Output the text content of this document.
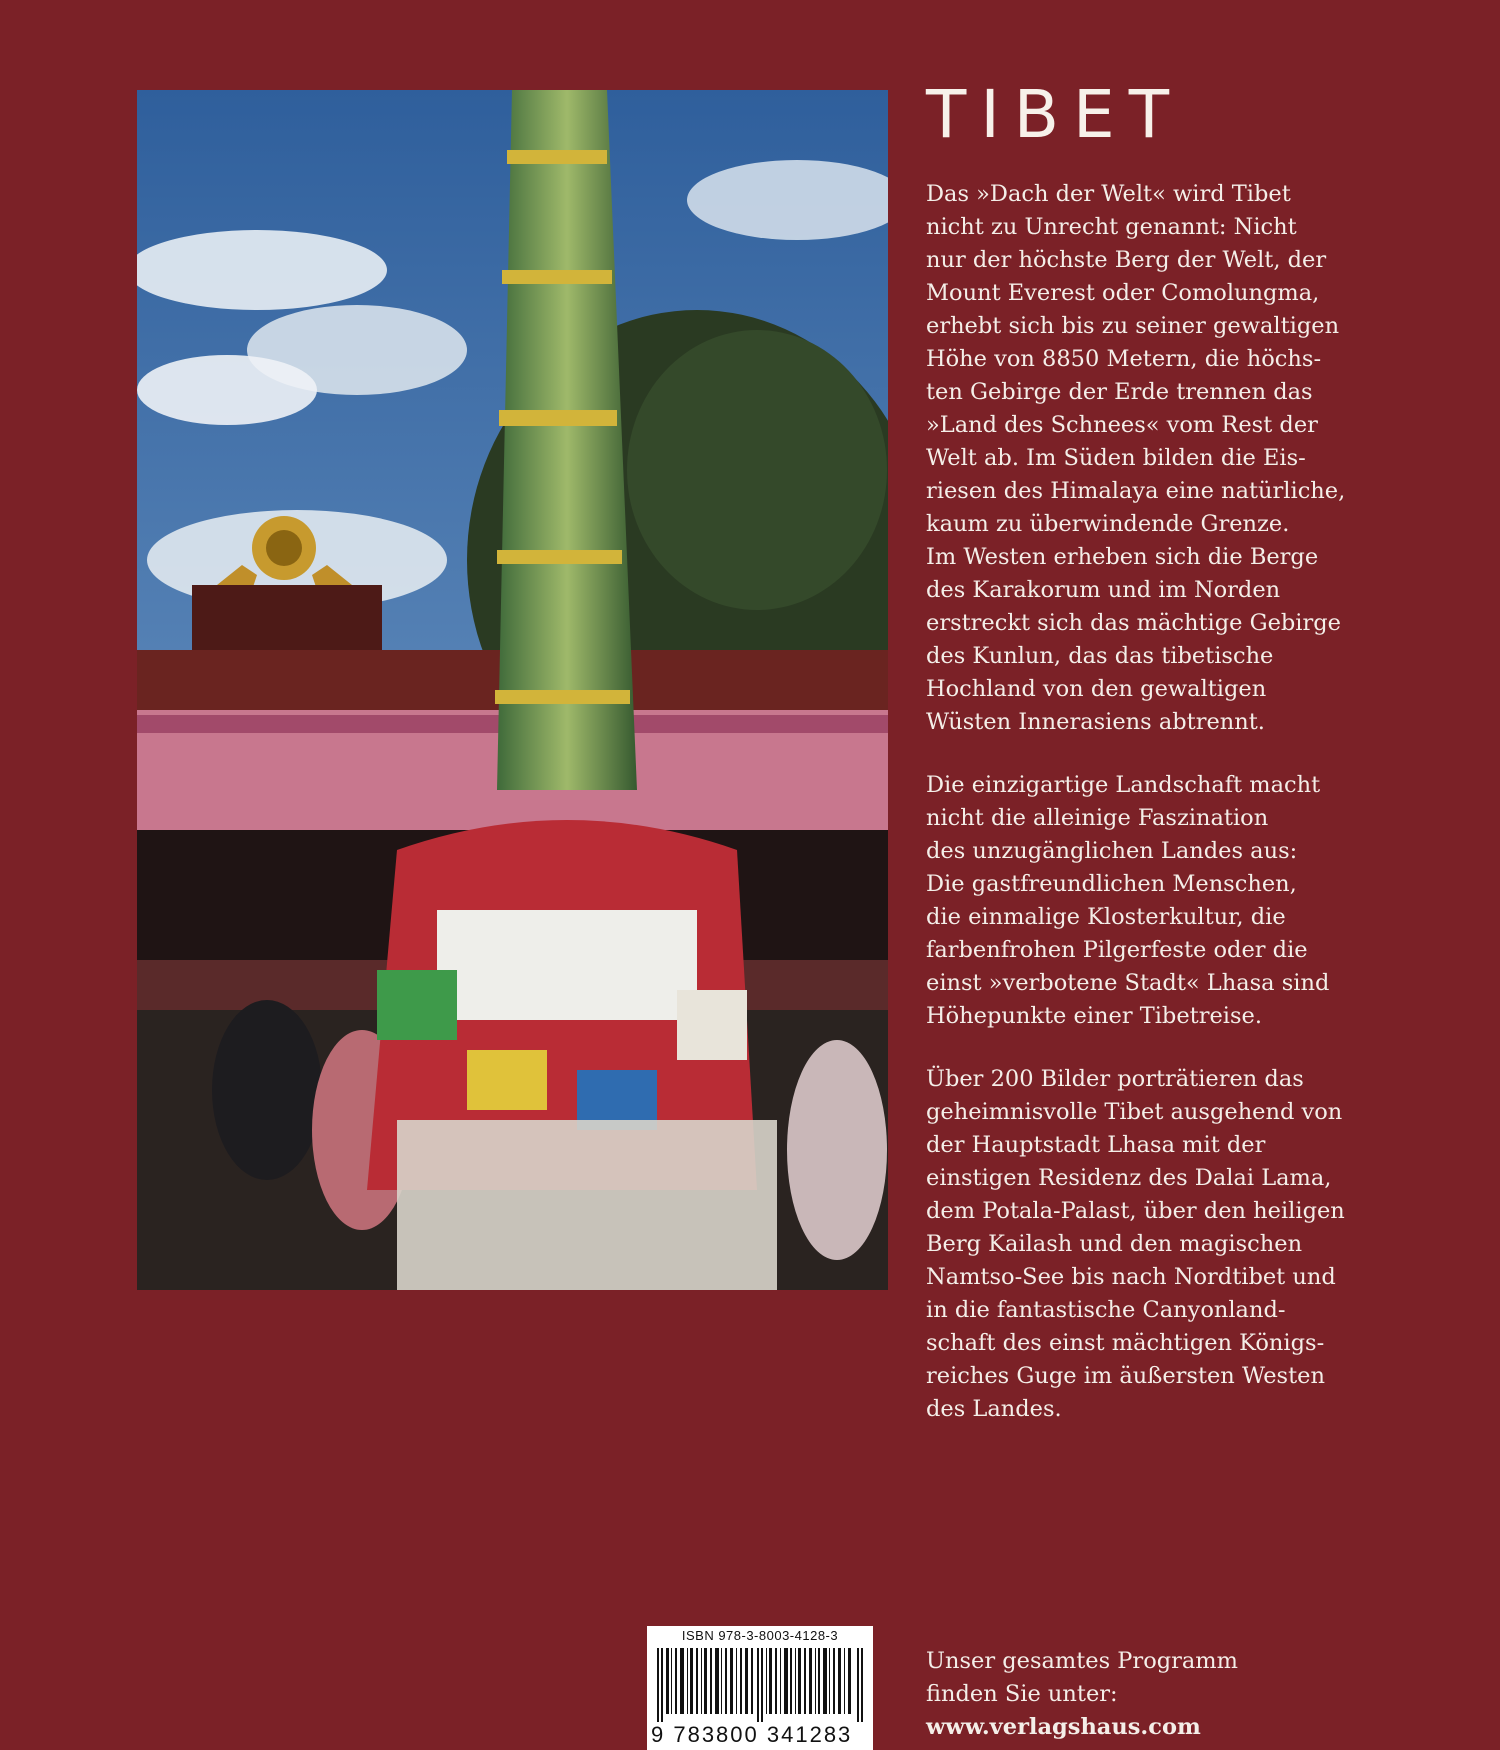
TIBET

Das »Dach der Welt« wird Tibet
nicht zu Unrecht genannt: Nicht
nur der höchste Berg der Welt, der
Mount Everest oder Comolungma,
erhebt sich bis zu seiner gewaltigen
Höhe von 8850 Metern, die höchs-
ten Gebirge der Erde trennen das
»Land des Schnees« vom Rest der
Welt ab. Im Süden bilden die Eis-
riesen des Himalaya eine natürliche,
kaum zu überwindende Grenze.
Im Westen erheben sich die Berge
des Karakorum und im Norden
erstreckt sich das mächtige Gebirge
des Kunlun, das das tibetische
Hochland von den gewaltigen
Wüsten Innerasiens abtrennt.

Die einzigartige Landschaft macht
nicht die alleinige Faszination
des unzugänglichen Landes aus:
Die gastfreundlichen Menschen,
die einmalige Klosterkultur, die
farbenfrohen Pilgerfeste oder die
einst »verbotene Stadt« Lhasa sind
Höhepunkte einer Tibetreise.

Über 200 Bilder porträtieren das
geheimnisvolle Tibet ausgehend von
der Hauptstadt Lhasa mit der
einstigen Residenz des Dalai Lama,
dem Potala-Palast, über den heiligen
Berg Kailash und den magischen
Namtso-See bis nach Nordtibet und
in die fantastische Canyonland-
schaft des einst mächtigen Königs-
reiches Guge im äußersten Westen
des Landes.

ISBN 978-3-8003-4128-3
9 783800 341283
Unser gesamtes Programm
finden Sie unter:
www.verlagshaus.com
